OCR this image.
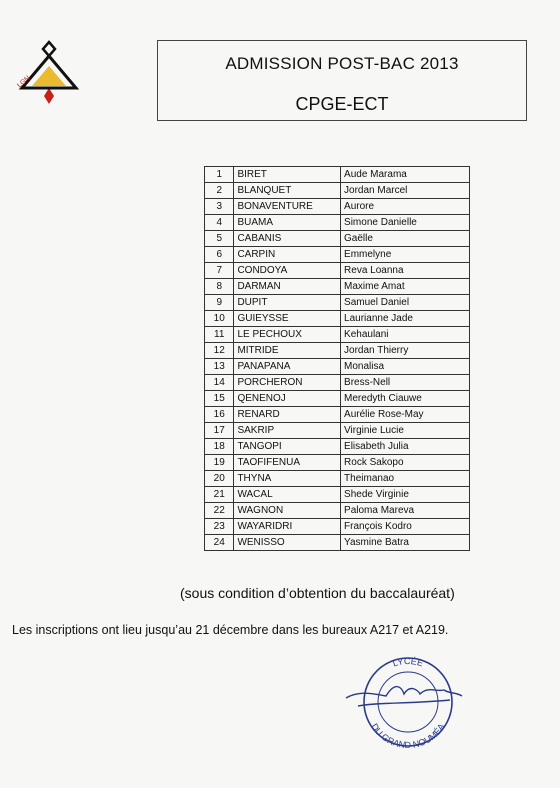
LGN
ADMISSION POST-BAC 2013
CPGE-ECT
1	BIRET	Aude Marama
2	BLANQUET	Jordan Marcel
3	BONAVENTURE	Aurore
4	BUAMA	Simone Danielle
5	CABANIS	Gaëlle
6	CARPIN	Emmelyne
7	CONDOYA	Reva Loanna
8	DARMAN	Maxime Amat
9	DUPIT	Samuel Daniel
10	GUIEYSSE	Laurianne Jade
11	LE PECHOUX	Kehaulani
12	MITRIDE	Jordan Thierry
13	PANAPANA	Monalisa
14	PORCHERON	Bress-Nell
15	QENENOJ	Meredyth Ciauwe
16	RENARD	Aurélie Rose-May
17	SAKRIP	Virginie Lucie
18	TANGOPI	Elisabeth Julia
19	TAOFIFENUA	Rock Sakopo
20	THYNA	Theimanao
21	WACAL	Shede Virginie
22	WAGNON	Paloma Mareva
23	WAYARIDRI	François Kodro
24	WENISSO	Yasmine Batra
(sous condition d’obtention du baccalauréat)
Les inscriptions ont lieu jusqu’au 21 décembre dans les bureaux A217 et A219.
LYCÉE
DU GRAND NOUMÉA
